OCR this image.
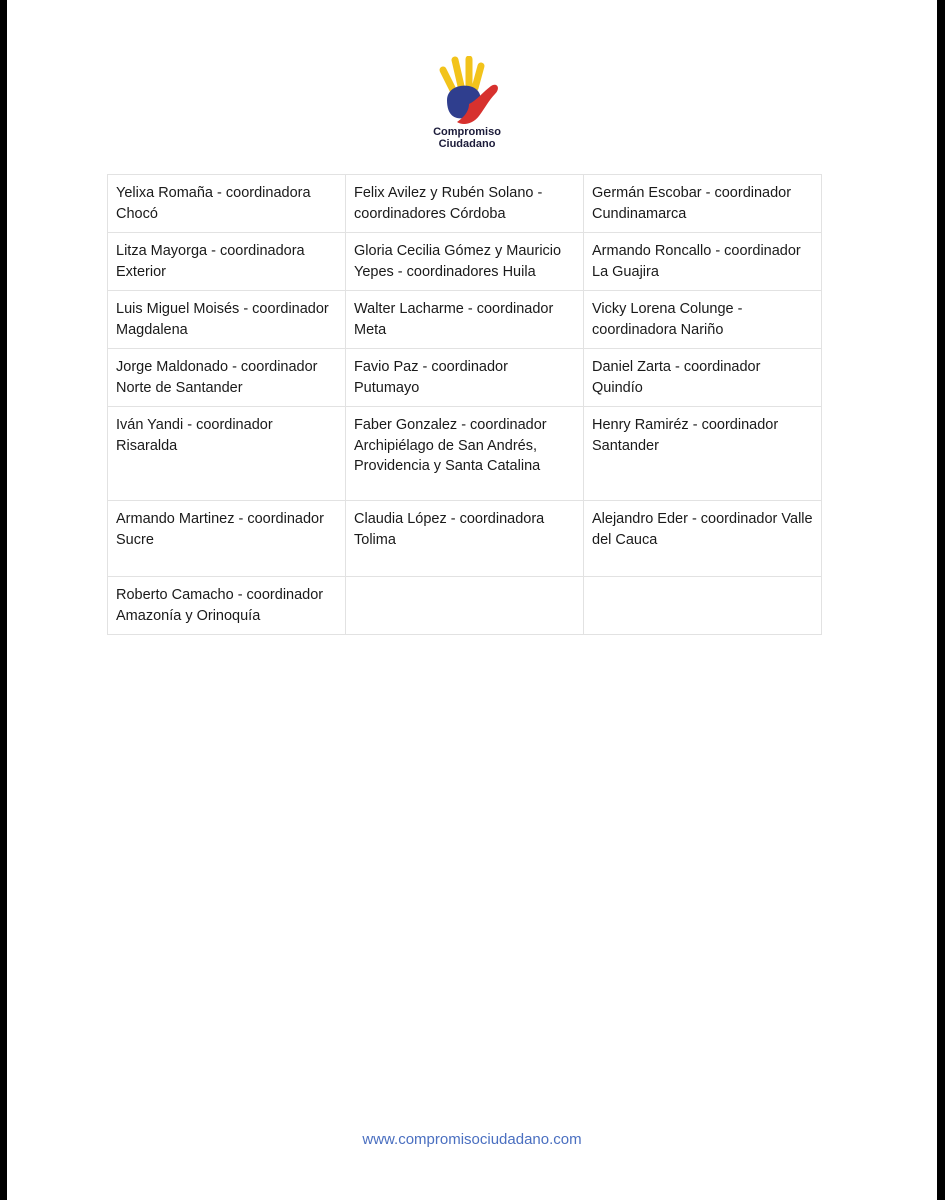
Compromiso
Ciudadano
Yelixa Romaña - coordinadora Chocó	Felix Avilez y Rubén Solano - coordinadores Córdoba	Germán Escobar - coordinador Cundinamarca
Litza Mayorga - coordinadora Exterior	Gloria Cecilia Gómez y Mauricio Yepes - coordinadores Huila	Armando Roncallo - coordinador La Guajira
Luis Miguel Moisés - coordinador Magdalena	Walter Lacharme - coordinador Meta	Vicky Lorena Colunge - coordinadora Nariño
Jorge Maldonado - coordinador Norte de Santander	Favio Paz - coordinador Putumayo	Daniel Zarta - coordinador Quindío
Iván Yandi - coordinador Risaralda	Faber Gonzalez - coordinador Archipiélago de San Andrés, Providencia y Santa Catalina	Henry Ramiréz - coordinador Santander
Armando Martinez - coordinador Sucre	Claudia López - coordinadora Tolima	Alejandro Eder - coordinador Valle del Cauca
Roberto Camacho - coordinador Amazonía y Orinoquía		
www.compromisociudadano.com
